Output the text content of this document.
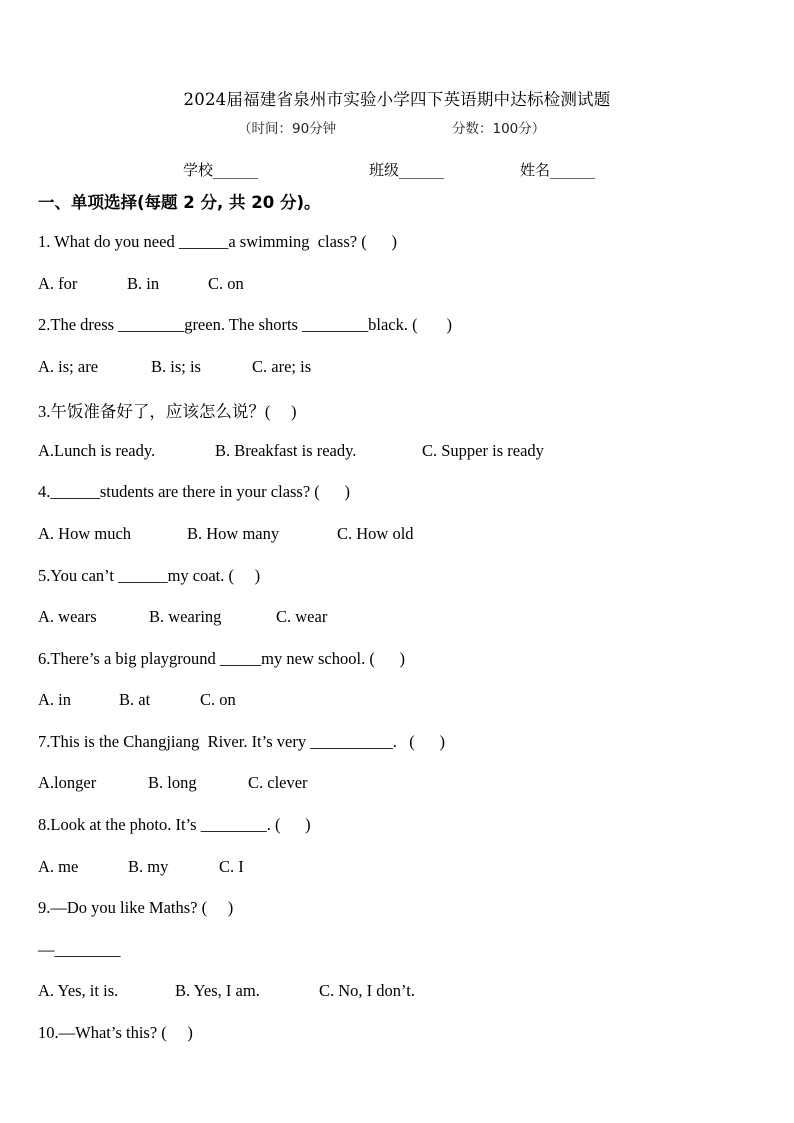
2024届福建省泉州市实验小学四下英语期中达标检测试题
（时间：90分钟	分数：100分）
学校______	班级______	姓名______
一、单项选择(每题 2 分, 共 20 分)。
1. What do you need ______a swimming  class? (      )
A. for	B. in	C. on
2.The dress ________green. The shorts ________black. (       )
A. is; are	B. is; is	C. are; is
3.午饭准备好了，应该怎么说？(     )
A.Lunch is ready.	B. Breakfast is ready.	C. Supper is ready
4.______students are there in your class? (      )
A. How much	B. How many	C. How old
5.You can’t ______my coat. (     )
A. wears	B. wearing	C. wear
6.There’s a big playground _____my new school. (      )
A. in	B. at	C. on
7.This is the Changjiang  River. It’s very __________.   (      )
A.longer	B. long	C. clever
8.Look at the photo. It’s ________. (      )
A. me	B. my	C. I
9.—Do you like Maths? (     )
—________
A. Yes, it is.	B. Yes, I am.	C. No, I don’t.
10.—What’s this? (     )
